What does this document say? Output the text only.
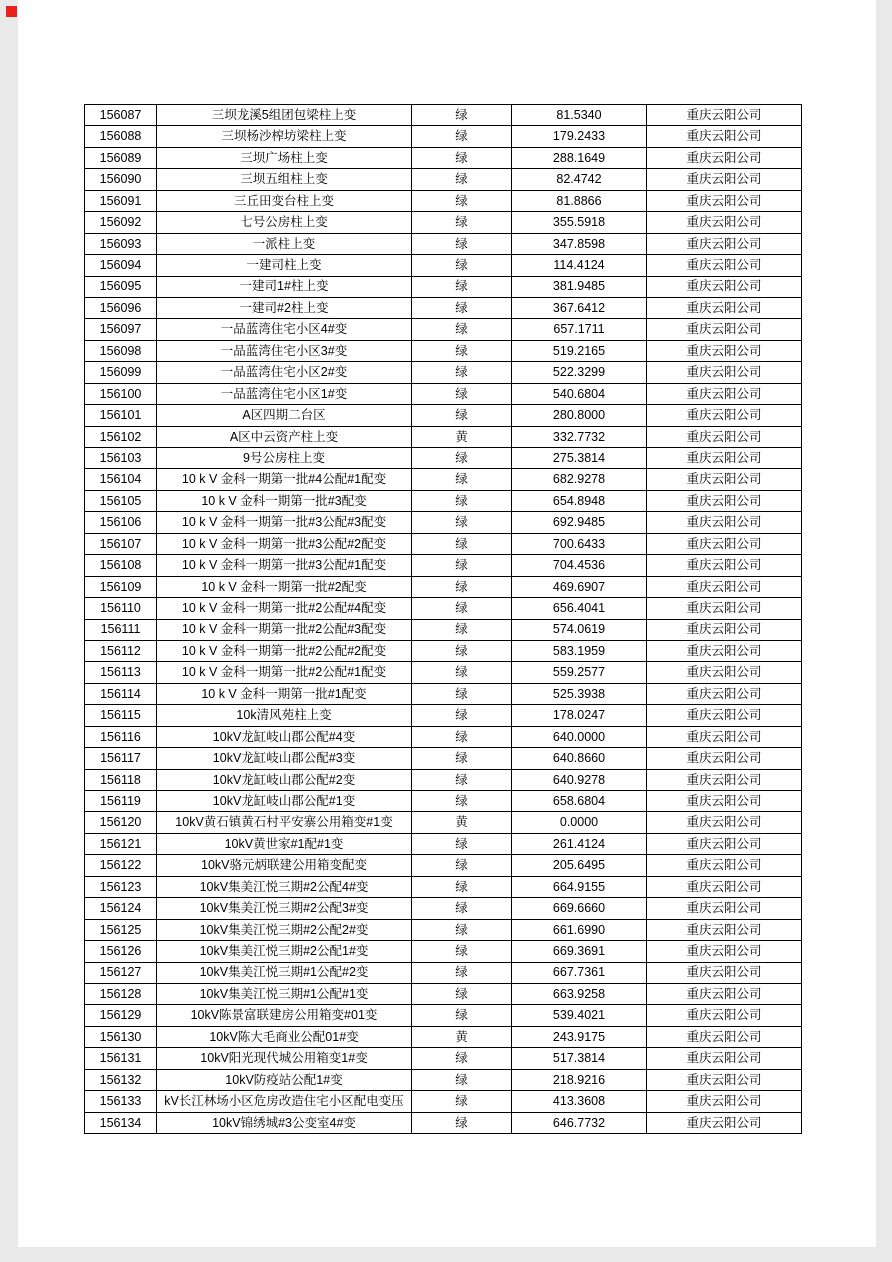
156087	三坝龙溪5组团包梁柱上变	绿	81.5340	重庆云阳公司
156088	三坝杨沙榨坊梁柱上变	绿	179.2433	重庆云阳公司
156089	三坝广场柱上变	绿	288.1649	重庆云阳公司
156090	三坝五组柱上变	绿	82.4742	重庆云阳公司
156091	三丘田变台柱上变	绿	81.8866	重庆云阳公司
156092	七号公房柱上变	绿	355.5918	重庆云阳公司
156093	一派柱上变	绿	347.8598	重庆云阳公司
156094	一建司柱上变	绿	114.4124	重庆云阳公司
156095	一建司1#柱上变	绿	381.9485	重庆云阳公司
156096	一建司#2柱上变	绿	367.6412	重庆云阳公司
156097	一品蓝湾住宅小区4#变	绿	657.1711	重庆云阳公司
156098	一品蓝湾住宅小区3#变	绿	519.2165	重庆云阳公司
156099	一品蓝湾住宅小区2#变	绿	522.3299	重庆云阳公司
156100	一品蓝湾住宅小区1#变	绿	540.6804	重庆云阳公司
156101	A区四期二台区	绿	280.8000	重庆云阳公司
156102	A区中云资产柱上变	黄	332.7732	重庆云阳公司
156103	9号公房柱上变	绿	275.3814	重庆云阳公司
156104	10 k V 金科一期第一批#4公配#1配变	绿	682.9278	重庆云阳公司
156105	10 k V 金科一期第一批#3配变	绿	654.8948	重庆云阳公司
156106	10 k V 金科一期第一批#3公配#3配变	绿	692.9485	重庆云阳公司
156107	10 k V 金科一期第一批#3公配#2配变	绿	700.6433	重庆云阳公司
156108	10 k V 金科一期第一批#3公配#1配变	绿	704.4536	重庆云阳公司
156109	10 k V 金科一期第一批#2配变	绿	469.6907	重庆云阳公司
156110	10 k V 金科一期第一批#2公配#4配变	绿	656.4041	重庆云阳公司
156111	10 k V 金科一期第一批#2公配#3配变	绿	574.0619	重庆云阳公司
156112	10 k V 金科一期第一批#2公配#2配变	绿	583.1959	重庆云阳公司
156113	10 k V 金科一期第一批#2公配#1配变	绿	559.2577	重庆云阳公司
156114	10 k V 金科一期第一批#1配变	绿	525.3938	重庆云阳公司
156115	10k清风苑柱上变	绿	178.0247	重庆云阳公司
156116	10kV龙缸岐山郡公配#4变	绿	640.0000	重庆云阳公司
156117	10kV龙缸岐山郡公配#3变	绿	640.8660	重庆云阳公司
156118	10kV龙缸岐山郡公配#2变	绿	640.9278	重庆云阳公司
156119	10kV龙缸岐山郡公配#1变	绿	658.6804	重庆云阳公司
156120	10kV黄石镇黄石村平安寨公用箱变#1变	黄	0.0000	重庆云阳公司
156121	10kV黄世家#1配#1变	绿	261.4124	重庆云阳公司
156122	10kV骆元炳联建公用箱变配变	绿	205.6495	重庆云阳公司
156123	10kV集美江悦三期#2公配4#变	绿	664.9155	重庆云阳公司
156124	10kV集美江悦三期#2公配3#变	绿	669.6660	重庆云阳公司
156125	10kV集美江悦三期#2公配2#变	绿	661.6990	重庆云阳公司
156126	10kV集美江悦三期#2公配1#变	绿	669.3691	重庆云阳公司
156127	10kV集美江悦三期#1公配#2变	绿	667.7361	重庆云阳公司
156128	10kV集美江悦三期#1公配#1变	绿	663.9258	重庆云阳公司
156129	10kV陈景富联建房公用箱变#01变	绿	539.4021	重庆云阳公司
156130	10kV陈大毛商业公配01#变	黄	243.9175	重庆云阳公司
156131	10kV阳光现代城公用箱变1#变	绿	517.3814	重庆云阳公司
156132	10kV防疫站公配1#变	绿	218.9216	重庆云阳公司
156133	kV长江林场小区危房改造住宅小区配电变压	绿	413.3608	重庆云阳公司
156134	10kV锦绣城#3公变室4#变	绿	646.7732	重庆云阳公司
